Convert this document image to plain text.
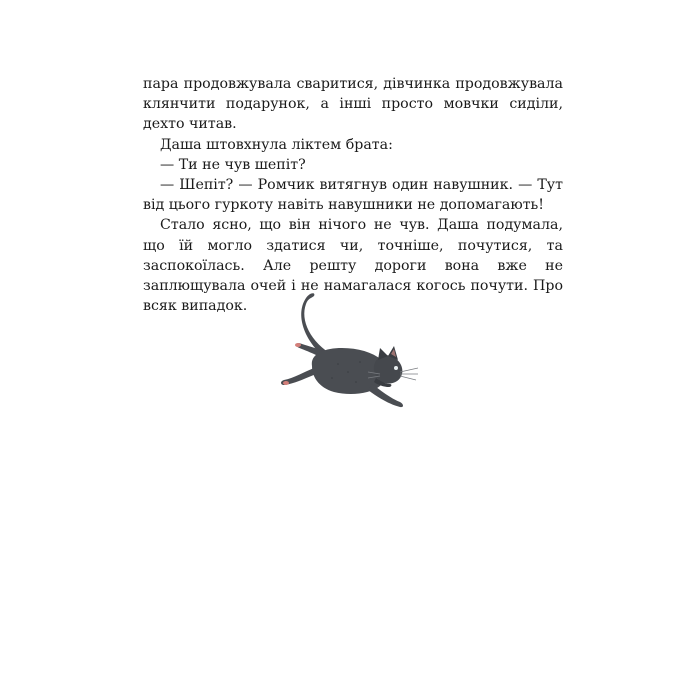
пара продовжувала сваритися, дівчинка продовжувала клянчити подарунок, а інші просто мовчки сиділи, дехто читав.

Даша штовхнула ліктем брата:

— Ти не чув шепіт?

— Шепіт? — Ромчик витягнув один навушник. — Тут від цього гуркоту навіть навушники не допомагають!

Стало ясно, що він нічого не чув. Даша подумала, що їй могло здатися чи, точніше, почутися, та заспокоїлась. Але решту дороги вона вже не заплющувала очей і не намагалася когось почути. Про всяк випадок.
